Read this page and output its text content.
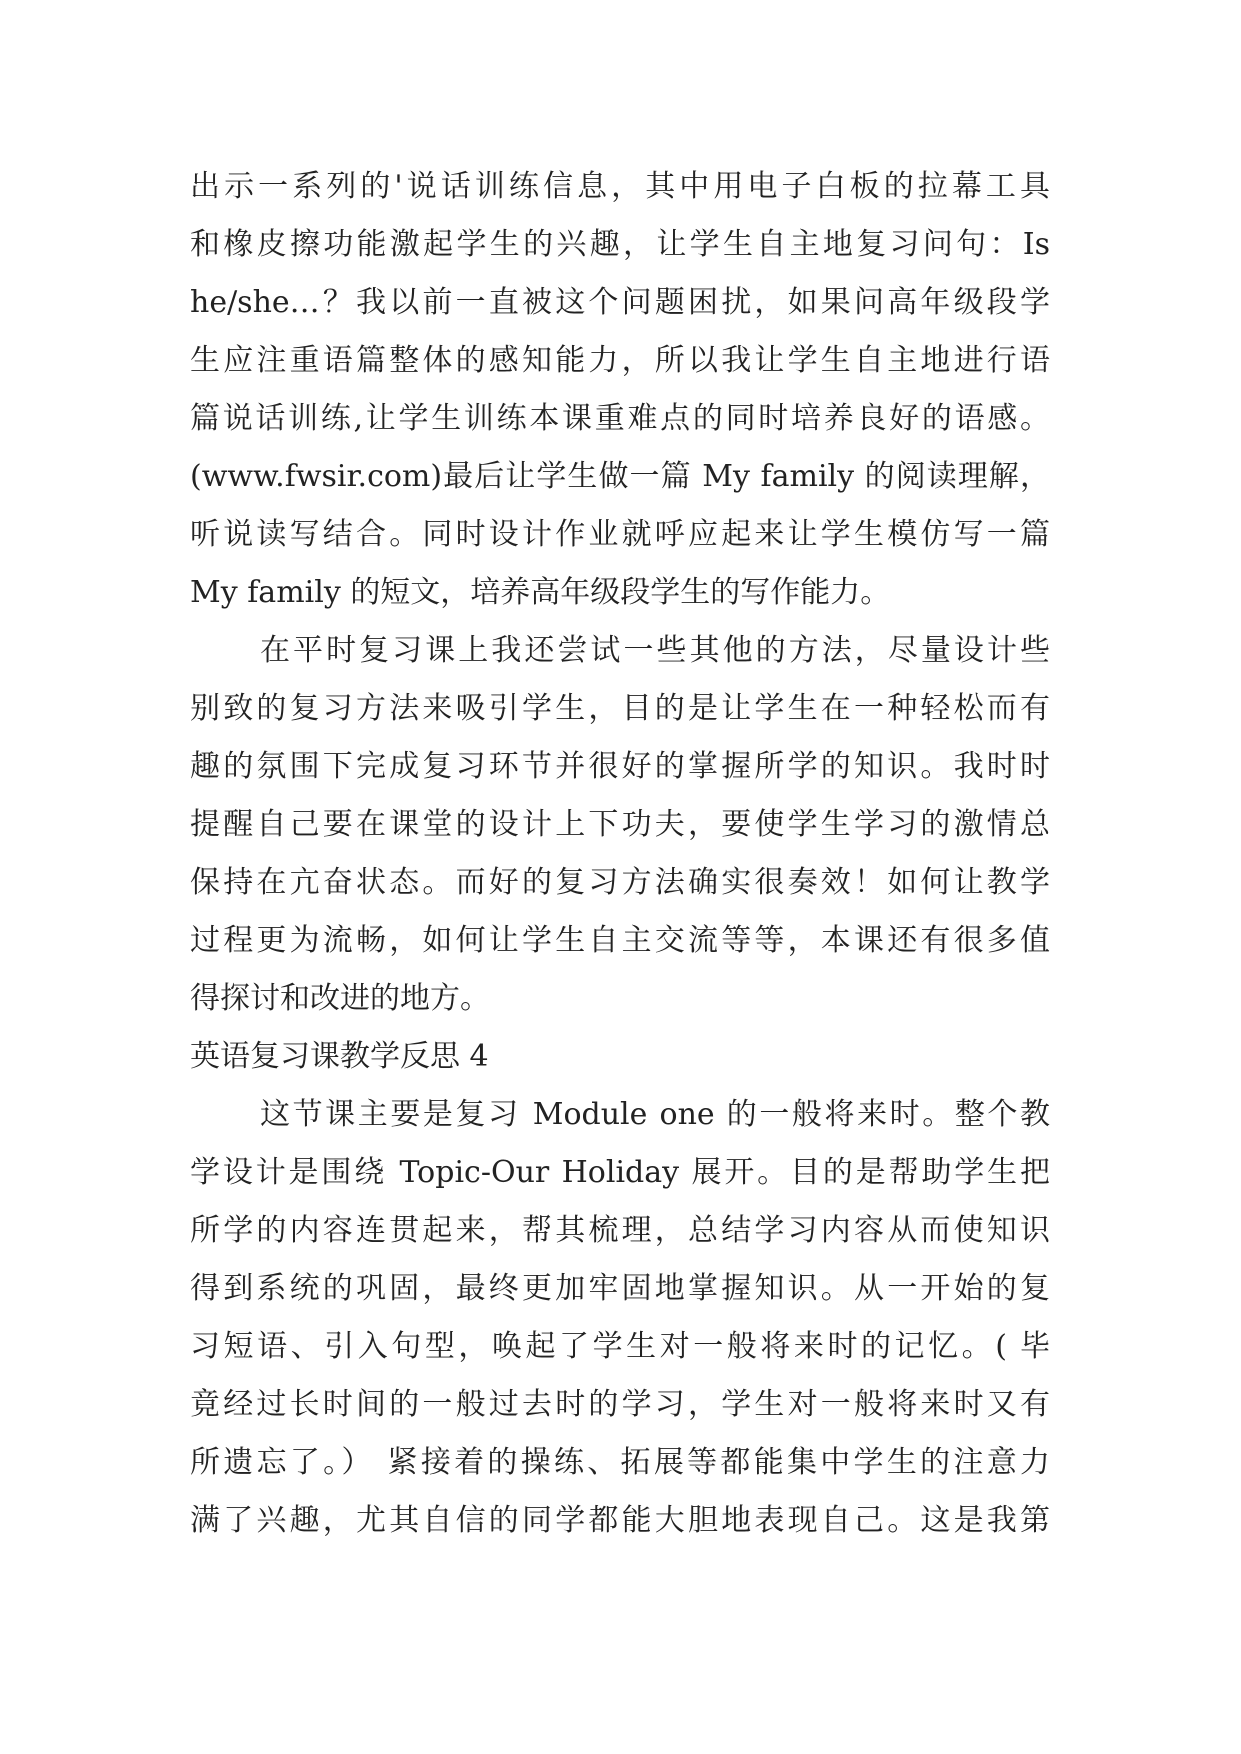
出示一系列的'说话训练信息，其中用电子白板的拉幕工具
和橡皮擦功能激起学生的兴趣，让学生自主地复习问句：Is
he/she…？我以前一直被这个问题困扰，如果问高年级段学
生应注重语篇整体的感知能力，所以我让学生自主地进行语
篇说话训练,让学生训练本课重难点的同时培养良好的语感。
(www.fwsir.com)最后让学生做一篇 My family 的阅读理解，
听说读写结合。同时设计作业就呼应起来让学生模仿写一篇
My family 的短文，培养高年级段学生的写作能力。
在平时复习课上我还尝试一些其他的方法，尽量设计些
别致的复习方法来吸引学生，目的是让学生在一种轻松而有
趣的氛围下完成复习环节并很好的掌握所学的知识。我时时
提醒自己要在课堂的设计上下功夫，要使学生学习的激情总
保持在亢奋状态。而好的复习方法确实很奏效！如何让教学
过程更为流畅，如何让学生自主交流等等，本课还有很多值
得探讨和改进的地方。
英语复习课教学反思 4
这节课主要是复习 Module one 的一般将来时。整个教
学设计是围绕 Topic-Our Holiday 展开。目的是帮助学生把
所学的内容连贯起来，帮其梳理，总结学习内容从而使知识
得到系统的巩固，最终更加牢固地掌握知识。从一开始的复
习短语、引入句型，唤起了学生对一般将来时的记忆。( 毕
竟经过长时间的一般过去时的学习，学生对一般将来时又有
所遗忘了。） 紧接着的操练、拓展等都能集中学生的注意力
满了兴趣，尤其自信的同学都能大胆地表现自己。这是我第
